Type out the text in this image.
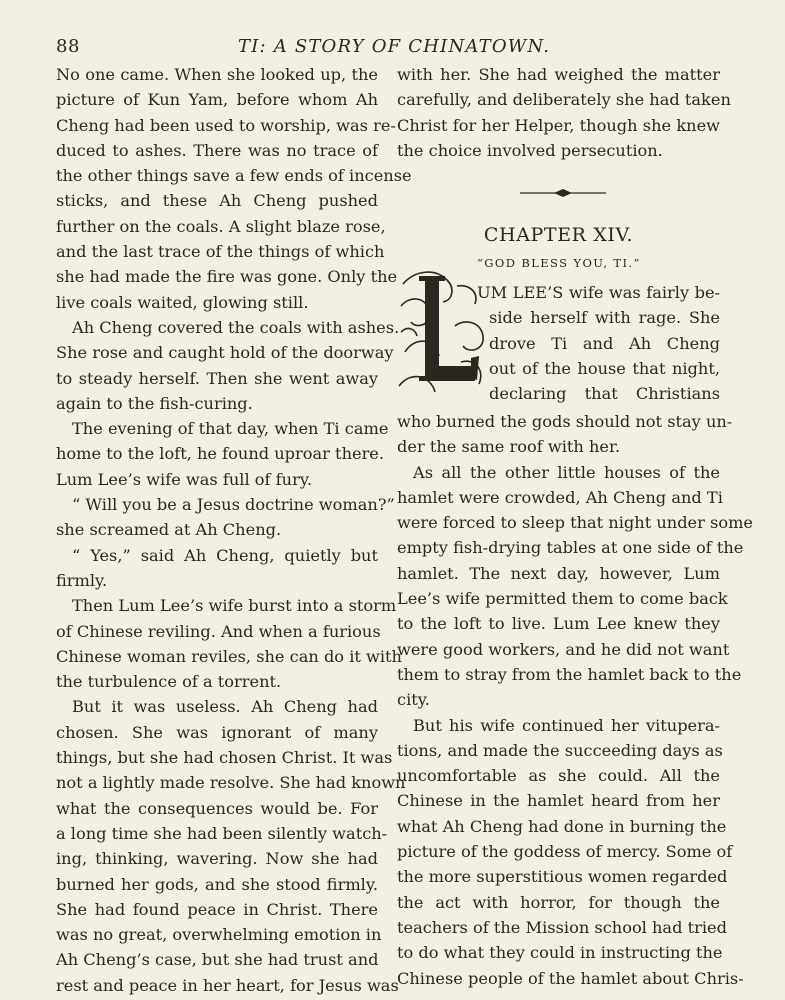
88	TI: A STORY OF CHINATOWN.
No one came. When she looked up, the
picture of Kun Yam, before whom Ah
Cheng had been used to worship, was re-
duced to ashes. There was no trace of
the other things save a few ends of incense
sticks, and these Ah Cheng pushed
further on the coals. A slight blaze rose,
and the last trace of the things of which
she had made the fire was gone. Only the
live coals waited, glowing still.
Ah Cheng covered the coals with ashes.
She rose and caught hold of the doorway
to steady herself. Then she went away
again to the fish-curing.
The evening of that day, when Ti came
home to the loft, he found uproar there.
Lum Lee’s wife was full of fury.
“ Will you be a Jesus doctrine woman?”
she screamed at Ah Cheng.
“ Yes,” said Ah Cheng, quietly but
firmly.
Then Lum Lee’s wife burst into a storm
of Chinese reviling. And when a furious
Chinese woman reviles, she can do it with
the turbulence of a torrent.
But it was useless. Ah Cheng had
chosen. She was ignorant of many
things, but she had chosen Christ. It was
not a lightly made resolve. She had known
what the consequences would be. For
a long time she had been silently watch-
ing, thinking, wavering. Now she had
burned her gods, and she stood firmly.
She had found peace in Christ. There
was no great, overwhelming emotion in
Ah Cheng’s case, but she had trust and
rest and peace in her heart, for Jesus was
with her. She had weighed the matter
carefully, and deliberately she had taken
Christ for her Helper, though she knew
the choice involved persecution.
CHAPTER XIV.
“GOD BLESS YOU, TI.”
UM LEE’S wife was fairly be-
side herself with rage. She
drove Ti and Ah Cheng
out of the house that night,
declaring that Christians
who burned the gods should not stay un-
der the same roof with her.
As all the other little houses of the
hamlet were crowded, Ah Cheng and Ti
were forced to sleep that night under some
empty fish-drying tables at one side of the
hamlet. The next day, however, Lum
Lee’s wife permitted them to come back
to the loft to live. Lum Lee knew they
were good workers, and he did not want
them to stray from the hamlet back to the
city.
But his wife continued her vitupera-
tions, and made the succeeding days as
uncomfortable as she could. All the
Chinese in the hamlet heard from her
what Ah Cheng had done in burning the
picture of the goddess of mercy. Some of
the more superstitious women regarded
the act with horror, for though the
teachers of the Mission school had tried
to do what they could in instructing the
Chinese people of the hamlet about Chris-
